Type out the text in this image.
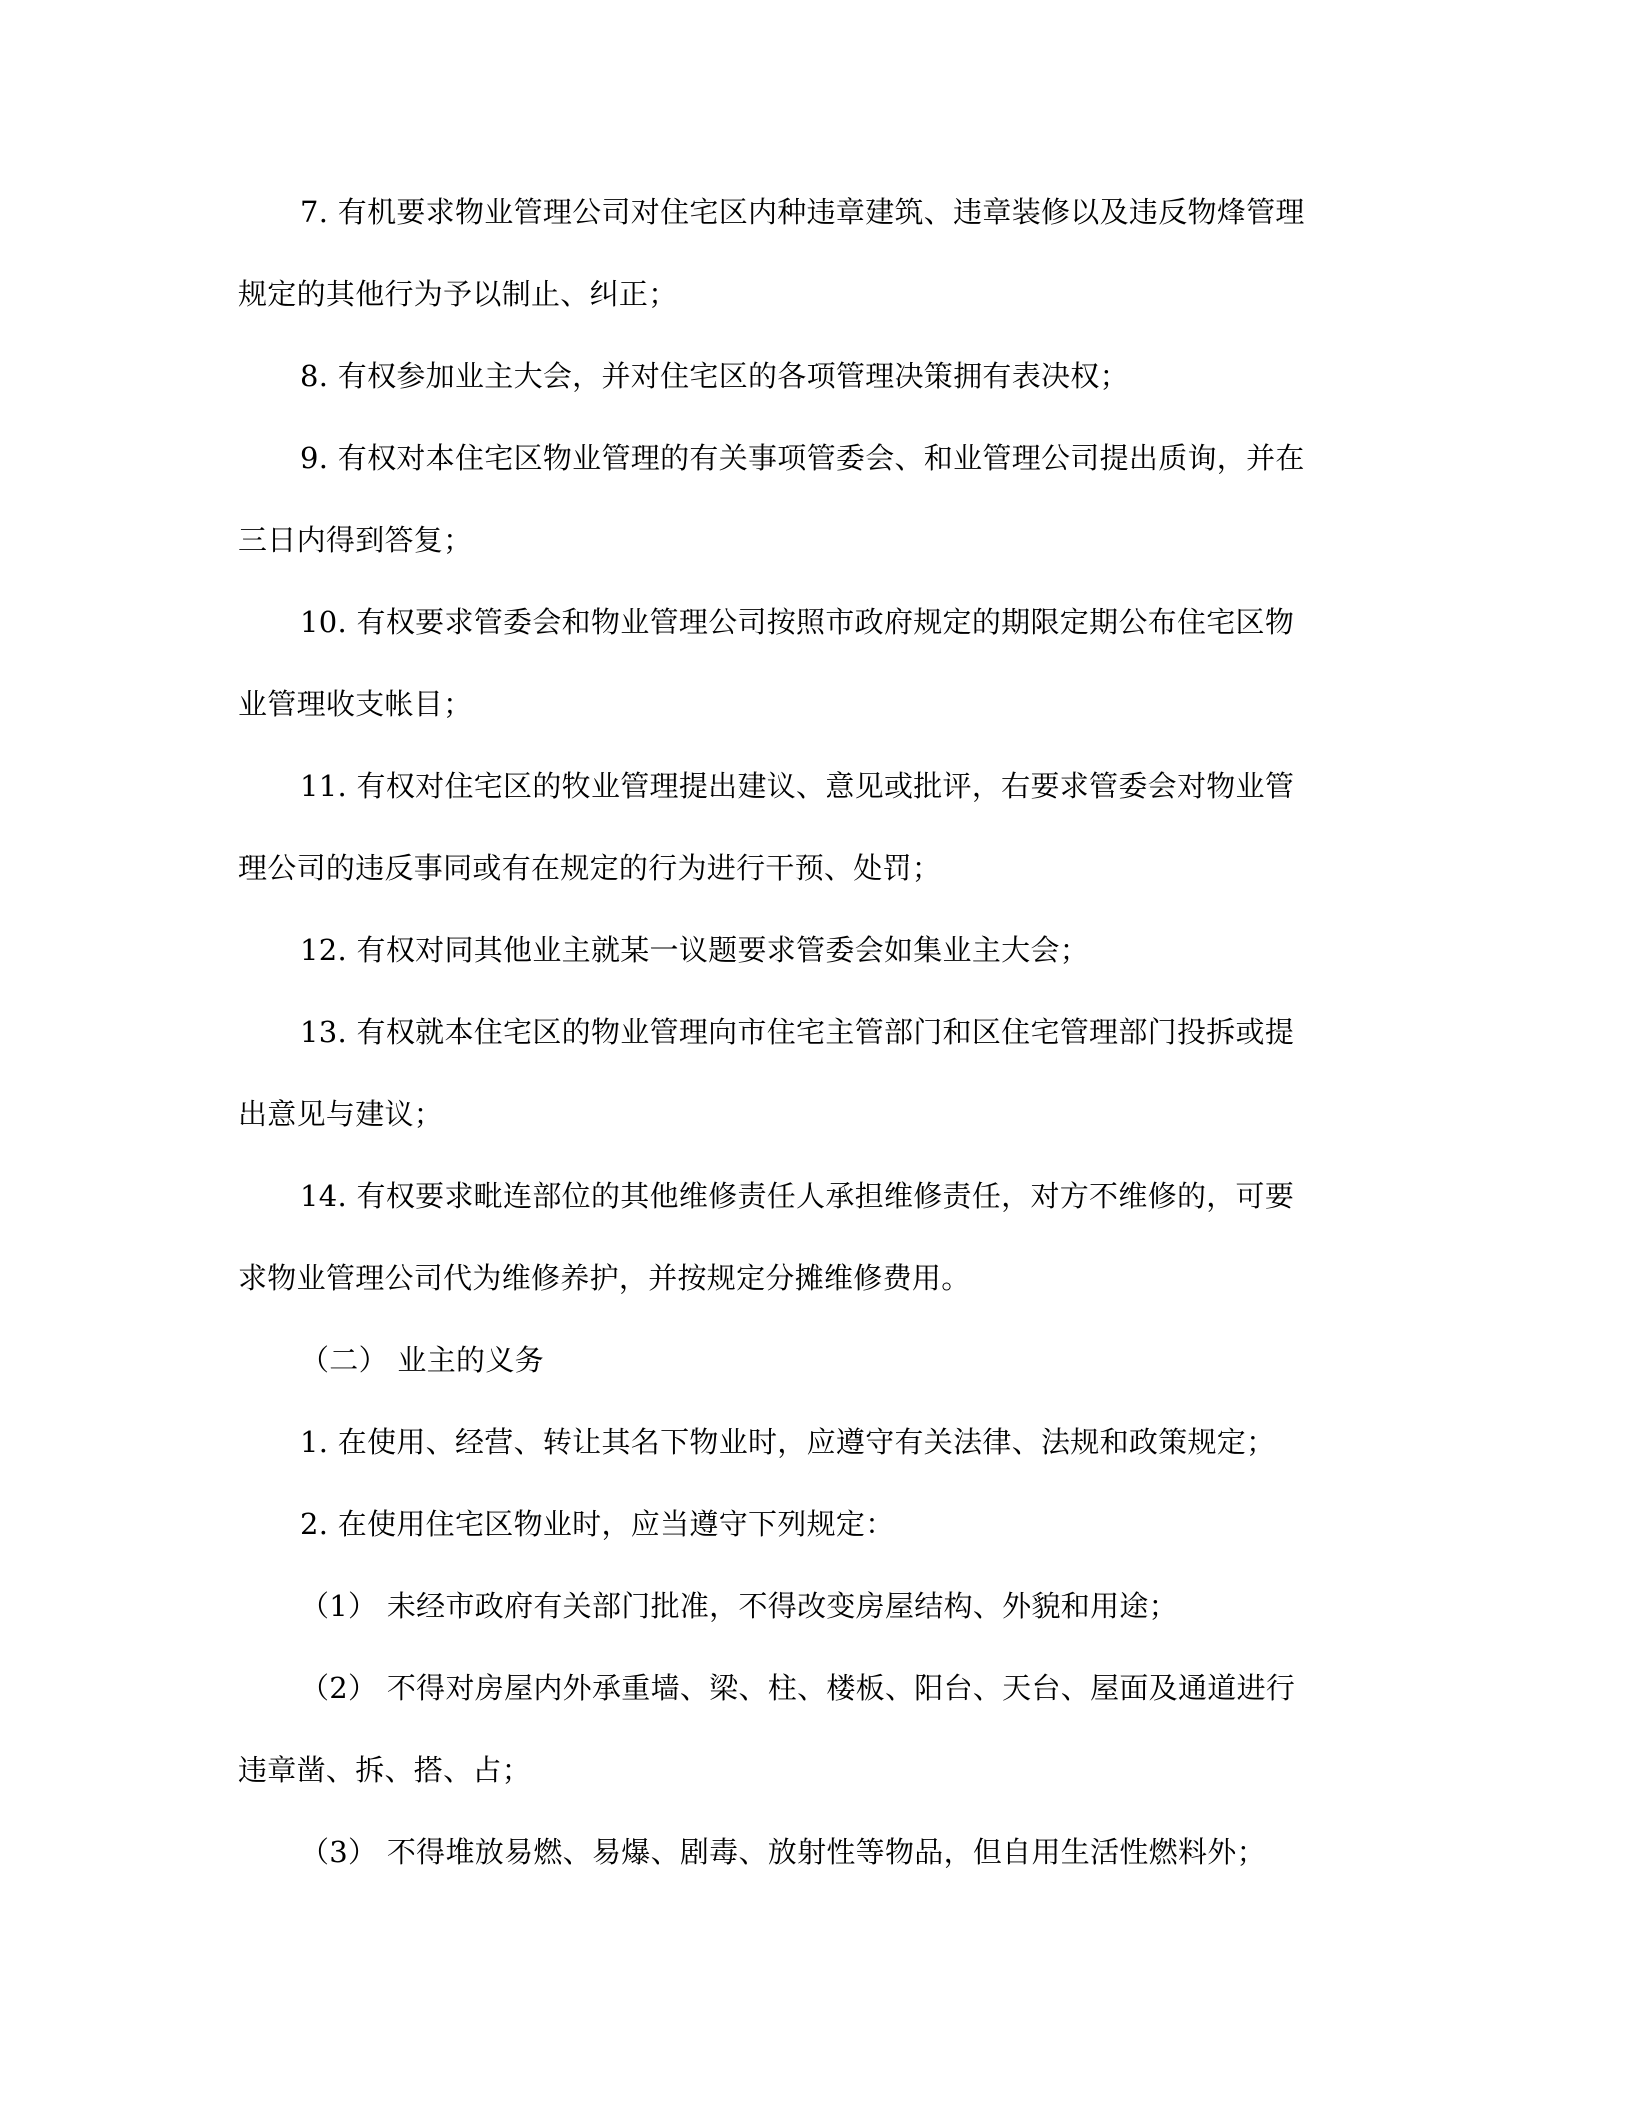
7. 有机要求物业管理公司对住宅区内种违章建筑、违章装修以及违反物烽管理

规定的其他行为予以制止、纠正；

8. 有权参加业主大会，并对住宅区的各项管理决策拥有表决权；

9. 有权对本住宅区物业管理的有关事项管委会、和业管理公司提出质询，并在

三日内得到答复；

10. 有权要求管委会和物业管理公司按照市政府规定的期限定期公布住宅区物

业管理收支帐目；

11. 有权对住宅区的牧业管理提出建议、意见或批评，右要求管委会对物业管

理公司的违反事同或有在规定的行为进行干预、处罚；

12. 有权对同其他业主就某一议题要求管委会如集业主大会；

13. 有权就本住宅区的物业管理向市住宅主管部门和区住宅管理部门投拆或提

出意见与建议；

14. 有权要求毗连部位的其他维修责任人承担维修责任，对方不维修的，可要

求物业管理公司代为维修养护，并按规定分摊维修费用。

（二） 业主的义务

1. 在使用、经营、转让其名下物业时，应遵守有关法律、法规和政策规定；

2. 在使用住宅区物业时，应当遵守下列规定：

（1） 未经市政府有关部门批准，不得改变房屋结构、外貌和用途；

（2） 不得对房屋内外承重墙、梁、柱、楼板、阳台、天台、屋面及通道进行

违章凿、拆、搭、占；

（3） 不得堆放易燃、易爆、剧毒、放射性等物品，但自用生活性燃料外；
